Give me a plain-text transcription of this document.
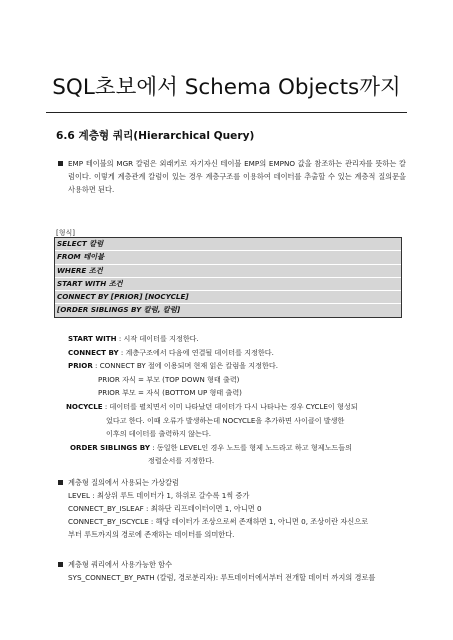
SQL초보에서 Schema Objects까지
6.6 계층형 쿼리(Hierarchical Query)
EMP 테이블의 MGR 칼럼은 외래키로 자기자신 테이블 EMP의 EMPNO 값을 참조하는 관리자를 뜻하는 칼럼이다. 이렇게 계층관계 칼럼이 있는 경우 계층구조를 이용하여 데이터를 추출할 수 있는 계층적 질의문을 사용하면 된다.
[형식]
SELECT 칼럼
FROM 테이블
WHERE 조건
START WITH 조건
CONNECT BY [PRIOR] [NOCYCLE]
[ORDER SIBLINGS BY 칼럼, 칼럼]
START WITH : 시작 데이터를 지정한다.
CONNECT BY : 계층구조에서 다음에 연결될 데이터를 지정한다.
PRIOR : CONNECT BY 절에 이용되며 현재 읽은 칼럼을 지정한다.
PRIOR 자식 = 부모 (TOP DOWN 형태 출력)
PRIOR 부모 = 자식 (BOTTOM UP 형태 출력)
NOCYCLE : 데이터를 펼치면서 이미 나타났던 데이터가 다시 나타나는 경우 CYCLE이 형성되
었다고 한다. 이때 오류가 발생하는데 NOCYCLE을 추가하면 사이클이 발생한
이후의 데이터를 출력하지 않는다.
ORDER SIBLINGS BY : 동일한 LEVEL인 경우 노드를 형제 노드라고 하고 형제노드들의
정렬순서를 지정한다.
계층형 질의에서 사용되는 가상칼럼
LEVEL : 최상위 루트 데이터가 1, 하위로 갈수록 1씩 증가
CONNECT_BY_ISLEAF : 최하단 리프데이터이면 1, 아니면 0
CONNECT_BY_ISCYCLE : 해당 데이터가 조상으로써 존재하면 1, 아니면 0, 조상이란 자신으로
부터 루트까지의 경로에 존재하는 데이터를 의미한다.
계층형 쿼리에서 사용가능한 함수
SYS_CONNECT_BY_PATH (칼럼, 경로분리자): 루트데이터에서부터 전개할 데이터 까지의 경로를
